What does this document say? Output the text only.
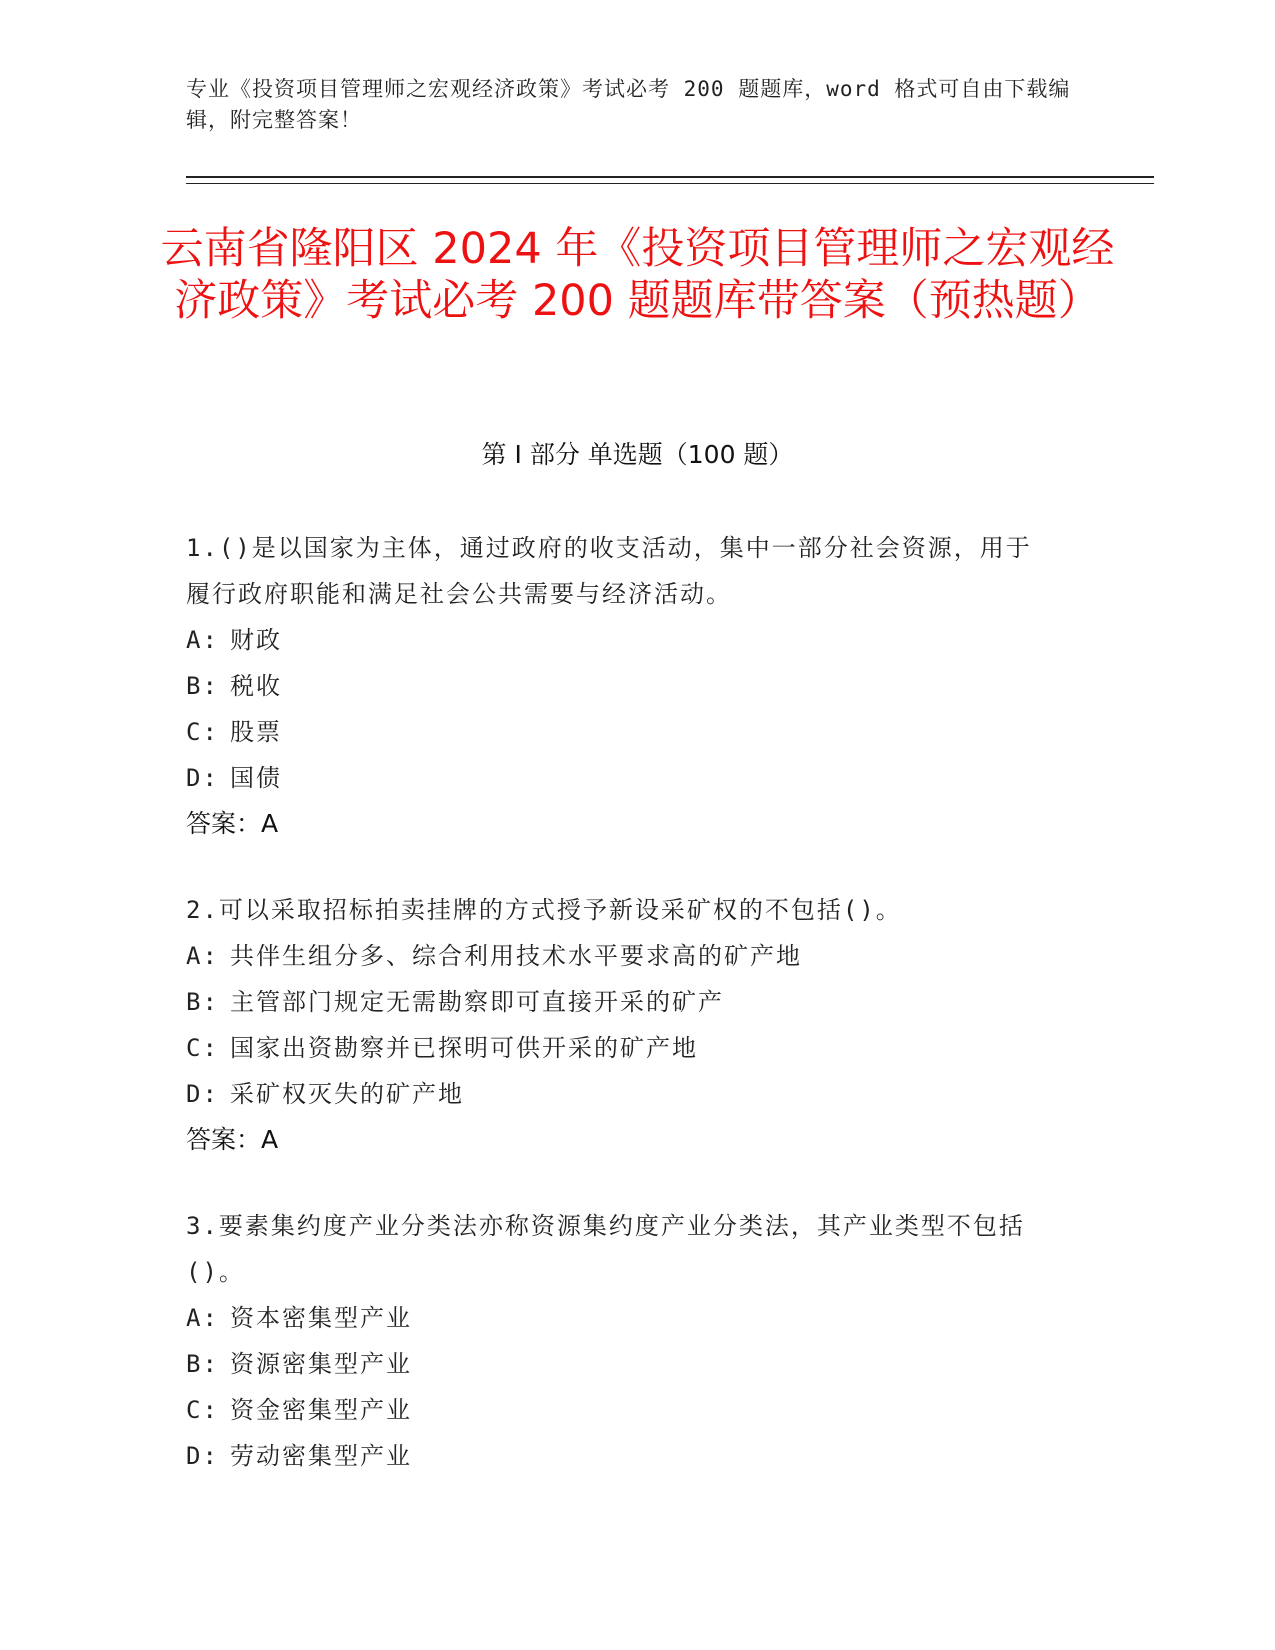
专业《投资项目管理师之宏观经济政策》考试必考 200 题题库，word 格式可自由下载编辑，附完整答案！
云南省隆阳区 2024 年《投资项目管理师之宏观经济政策》考试必考 200 题题库带答案（预热题）
第 I 部分 单选题（100 题）

1.()是以国家为主体，通过政府的收支活动，集中一部分社会资源，用于履行政府职能和满足社会公共需要与经济活动。

A: 财政
B: 税收
C: 股票
D: 国债
答案：A

2.可以采取招标拍卖挂牌的方式授予新设采矿权的不包括()。

A: 共伴生组分多、综合利用技术水平要求高的矿产地
B: 主管部门规定无需勘察即可直接开采的矿产
C: 国家出资勘察并已探明可供开采的矿产地
D: 采矿权灭失的矿产地
答案：A

3.要素集约度产业分类法亦称资源集约度产业分类法，其产业类型不包括()。

A: 资本密集型产业
B: 资源密集型产业
C: 资金密集型产业
D: 劳动密集型产业
